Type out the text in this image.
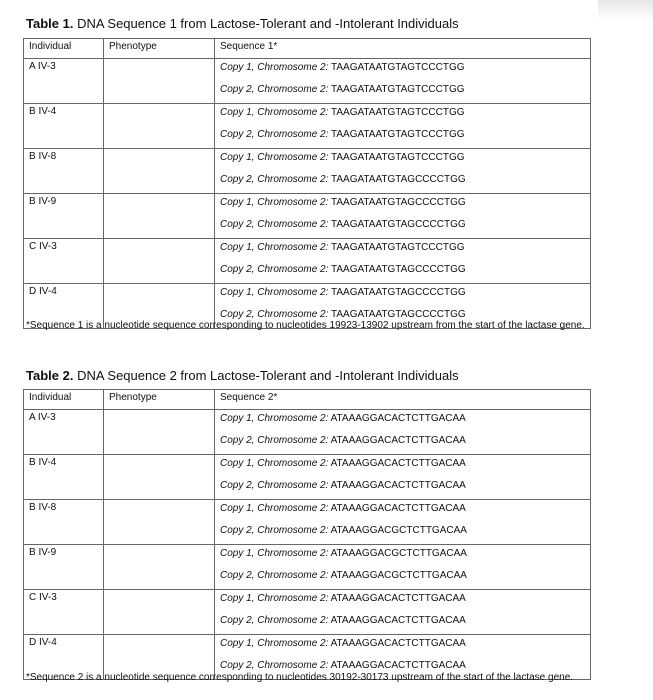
Table 1. DNA Sequence 1 from Lactose-Tolerant and -Intolerant Individuals
Individual	Phenotype	Sequence 1*
A IV-3		Copy 1, Chromosome 2: TAAGATAATGTAGTCCCTGG
		Copy 2, Chromosome 2: TAAGATAATGTAGTCCCTGG
B IV-4		Copy 1, Chromosome 2: TAAGATAATGTAGTCCCTGG
		Copy 2, Chromosome 2: TAAGATAATGTAGTCCCTGG
B IV-8		Copy 1, Chromosome 2: TAAGATAATGTAGTCCCTGG
		Copy 2, Chromosome 2: TAAGATAATGTAGCCCCTGG
B IV-9		Copy 1, Chromosome 2: TAAGATAATGTAGCCCCTGG
		Copy 2, Chromosome 2: TAAGATAATGTAGCCCCTGG
C IV-3		Copy 1, Chromosome 2: TAAGATAATGTAGTCCCTGG
		Copy 2, Chromosome 2: TAAGATAATGTAGCCCCTGG
D IV-4		Copy 1, Chromosome 2: TAAGATAATGTAGCCCCTGG
		Copy 2, Chromosome 2: TAAGATAATGTAGCCCCTGG
*Sequence 1 is a nucleotide sequence corresponding to nucleotides 19923-13902 upstream from the start of the lactase gene.
Table 2. DNA Sequence 2 from Lactose-Tolerant and -Intolerant Individuals
Individual	Phenotype	Sequence 2*
A IV-3		Copy 1, Chromosome 2: ATAAAGGACACTCTTGACAA
		Copy 2, Chromosome 2: ATAAAGGACACTCTTGACAA
B IV-4		Copy 1, Chromosome 2: ATAAAGGACACTCTTGACAA
		Copy 2, Chromosome 2: ATAAAGGACACTCTTGACAA
B IV-8		Copy 1, Chromosome 2: ATAAAGGACACTCTTGACAA
		Copy 2, Chromosome 2: ATAAAGGACGCTCTTGACAA
B IV-9		Copy 1, Chromosome 2: ATAAAGGACGCTCTTGACAA
		Copy 2, Chromosome 2: ATAAAGGACGCTCTTGACAA
C IV-3		Copy 1, Chromosome 2: ATAAAGGACACTCTTGACAA
		Copy 2, Chromosome 2: ATAAAGGACACTCTTGACAA
D IV-4		Copy 1, Chromosome 2: ATAAAGGACACTCTTGACAA
		Copy 2, Chromosome 2: ATAAAGGACACTCTTGACAA
*Sequence 2 is a nucleotide sequence corresponding to nucleotides 30192-30173 upstream of the start of the lactase gene.
